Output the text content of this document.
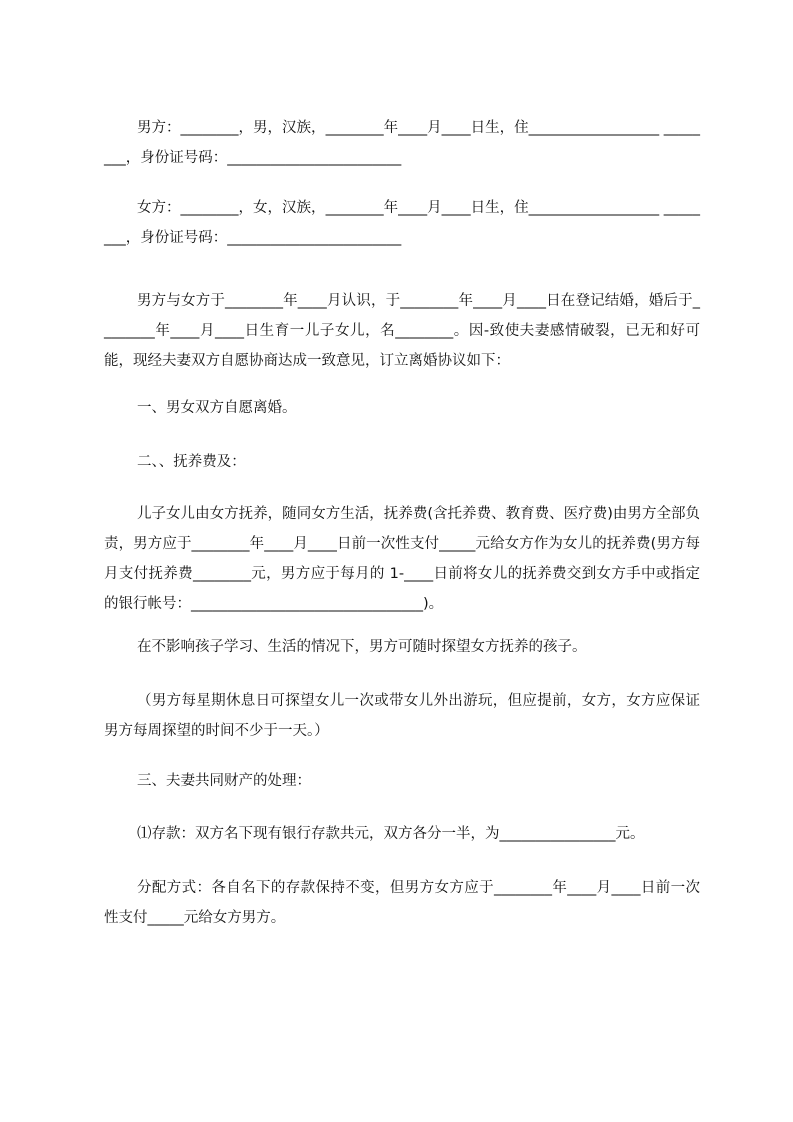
男方：________，男，汉族，________年____月____日生，住__________________ ________，身份证号码：________________________

女方：________，女，汉族，________年____月____日生，住__________________ ________，身份证号码：________________________

男方与女方于________年____月认识，于________年____月____日在登记结婚，婚后于________年____月____日生育一儿子女儿，名________。因-致使夫妻感情破裂，已无和好可能，现经夫妻双方自愿协商达成一致意见，订立离婚协议如下：

一、男女双方自愿离婚。

二、、抚养费及：

儿子女儿由女方抚养，随同女方生活，抚养费(含托养费、教育费、医疗费)由男方全部负责，男方应于________年____月____日前一次性支付_____元给女方作为女儿的抚养费(男方每月支付抚养费________元，男方应于每月的 1-____日前将女儿的抚养费交到女方手中或指定的银行帐号：________________________________)。

在不影响孩子学习、生活的情况下，男方可随时探望女方抚养的孩子。

（男方每星期休息日可探望女儿一次或带女儿外出游玩，但应提前，女方，女方应保证男方每周探望的时间不少于一天。）

三、夫妻共同财产的处理：

⑴存款：双方名下现有银行存款共元，双方各分一半，为________________元。

分配方式：各自名下的存款保持不变，但男方女方应于________年____月____日前一次性支付_____元给女方男方。
